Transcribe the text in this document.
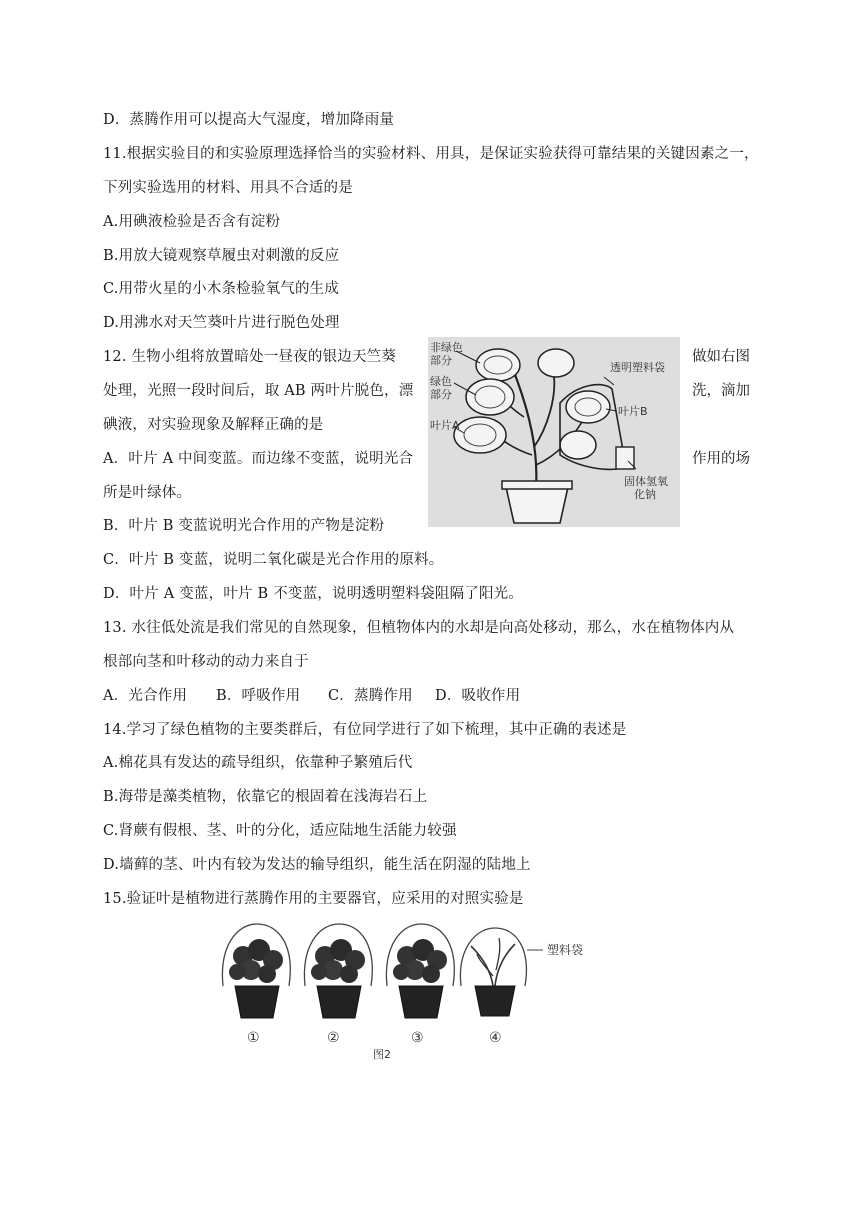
D．蒸腾作用可以提高大气湿度，增加降雨量
11.根据实验目的和实验原理选择恰当的实验材料、用具，是保证实验获得可靠结果的关键因素之一，
下列实验选用的材料、用具不合适的是
A.用碘液检验是否含有淀粉
B.用放大镜观察草履虫对刺激的反应
C.用带火星的小木条检验氧气的生成
D.用沸水对天竺葵叶片进行脱色处理
12. 生物小组将放置暗处一昼夜的银边天竺葵	做如右图
处理，光照一段时间后，取 AB 两叶片脱色，漂	洗，滴加
碘液，对实验现象及解释正确的是
A．叶片 A 中间变蓝。而边缘不变蓝，说明光合	作用的场
所是叶绿体。
B．叶片 B 变蓝说明光合作用的产物是淀粉
C．叶片 B 变蓝，说明二氧化碳是光合作用的原料。
D．叶片 A 变蓝，叶片 B 不变蓝，说明透明塑料袋阻隔了阳光。
非绿色
部分
绿色
部分
叶片A
透明塑料袋
叶片B
固体氢氧
化钠
13. 水往低处流是我们常见的自然现象，但植物体内的水却是向高处移动，那么，水在植物体内从
根部向茎和叶移动的动力来自于
A．光合作用 B．呼吸作用 C．蒸腾作用 D．吸收作用
14.学习了绿色植物的主要类群后，有位同学进行了如下梳理，其中正确的表述是
A.棉花具有发达的疏导组织，依靠种子繁殖后代
B.海带是藻类植物，依靠它的根固着在浅海岩石上
C.肾蕨有假根、茎、叶的分化，适应陆地生活能力较强
D.墙藓的茎、叶内有较为发达的输导组织，能生活在阴湿的陆地上
15.验证叶是植物进行蒸腾作用的主要器官，应采用的对照实验是
塑料袋
①	②	③	④
图2
